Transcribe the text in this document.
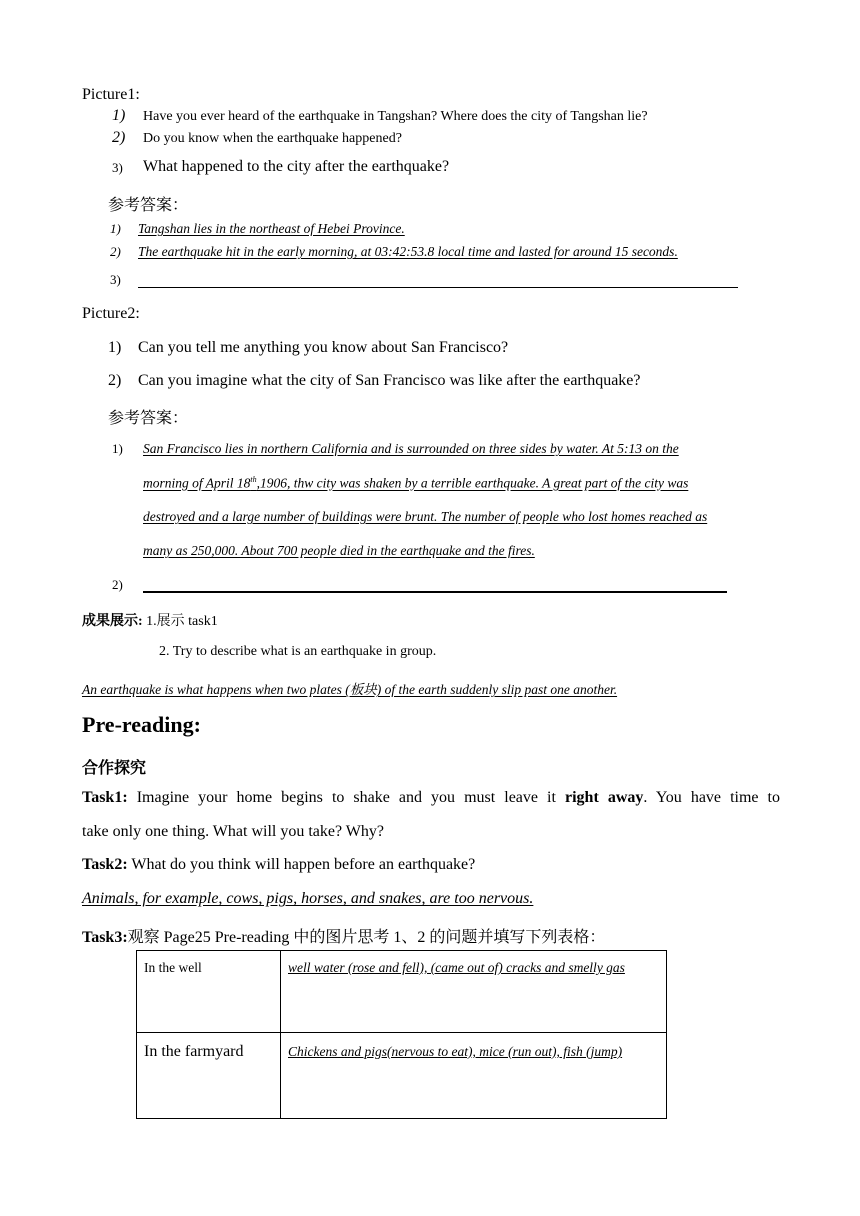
Picture1:
1) Have you ever heard of the earthquake in Tangshan? Where does the city of Tangshan lie?
2) Do you know when the earthquake happened?
3) What happened to the city after the earthquake?
参考答案：
1) Tangshan lies in the northeast of Hebei Province.
2) The earthquake hit in the early morning, at 03:42:53.8 local time and lasted for around 15 seconds.
3)
Picture2:
1) Can you tell me anything you know about San Francisco?
2) Can you imagine what the city of San Francisco was like after the earthquake?
参考答案：
1) San Francisco lies in northern California and is surrounded on three sides by water. At 5:13 on the
morning of April 18th,1906, thw city was shaken by a terrible earthquake. A great part of the city was
destroyed and a large number of buildings were brunt. The number of people who lost homes reached as
many as 250,000. About 700 people died in the earthquake and the fires.
2)
成果展示: 1.展示 task1
2. Try to describe what is an earthquake in group.
An earthquake is what happens when two plates (板块) of the earth suddenly slip past one another.
Pre-reading:
合作探究
Task1: Imagine your home begins to shake and you must leave it right away. You have time to
take only one thing. What will you take? Why?
Task2: What do you think will happen before an earthquake?
Animals, for example, cows, pigs, horses, and snakes, are too nervous.
Task3:观察 Page25 Pre-reading 中的图片思考 1、2 的问题并填写下列表格：
In the well	well water (rose and fell), (came out of) cracks and smelly gas

In the farmyard	Chickens and pigs(nervous to eat), mice (run out), fish (jump)
